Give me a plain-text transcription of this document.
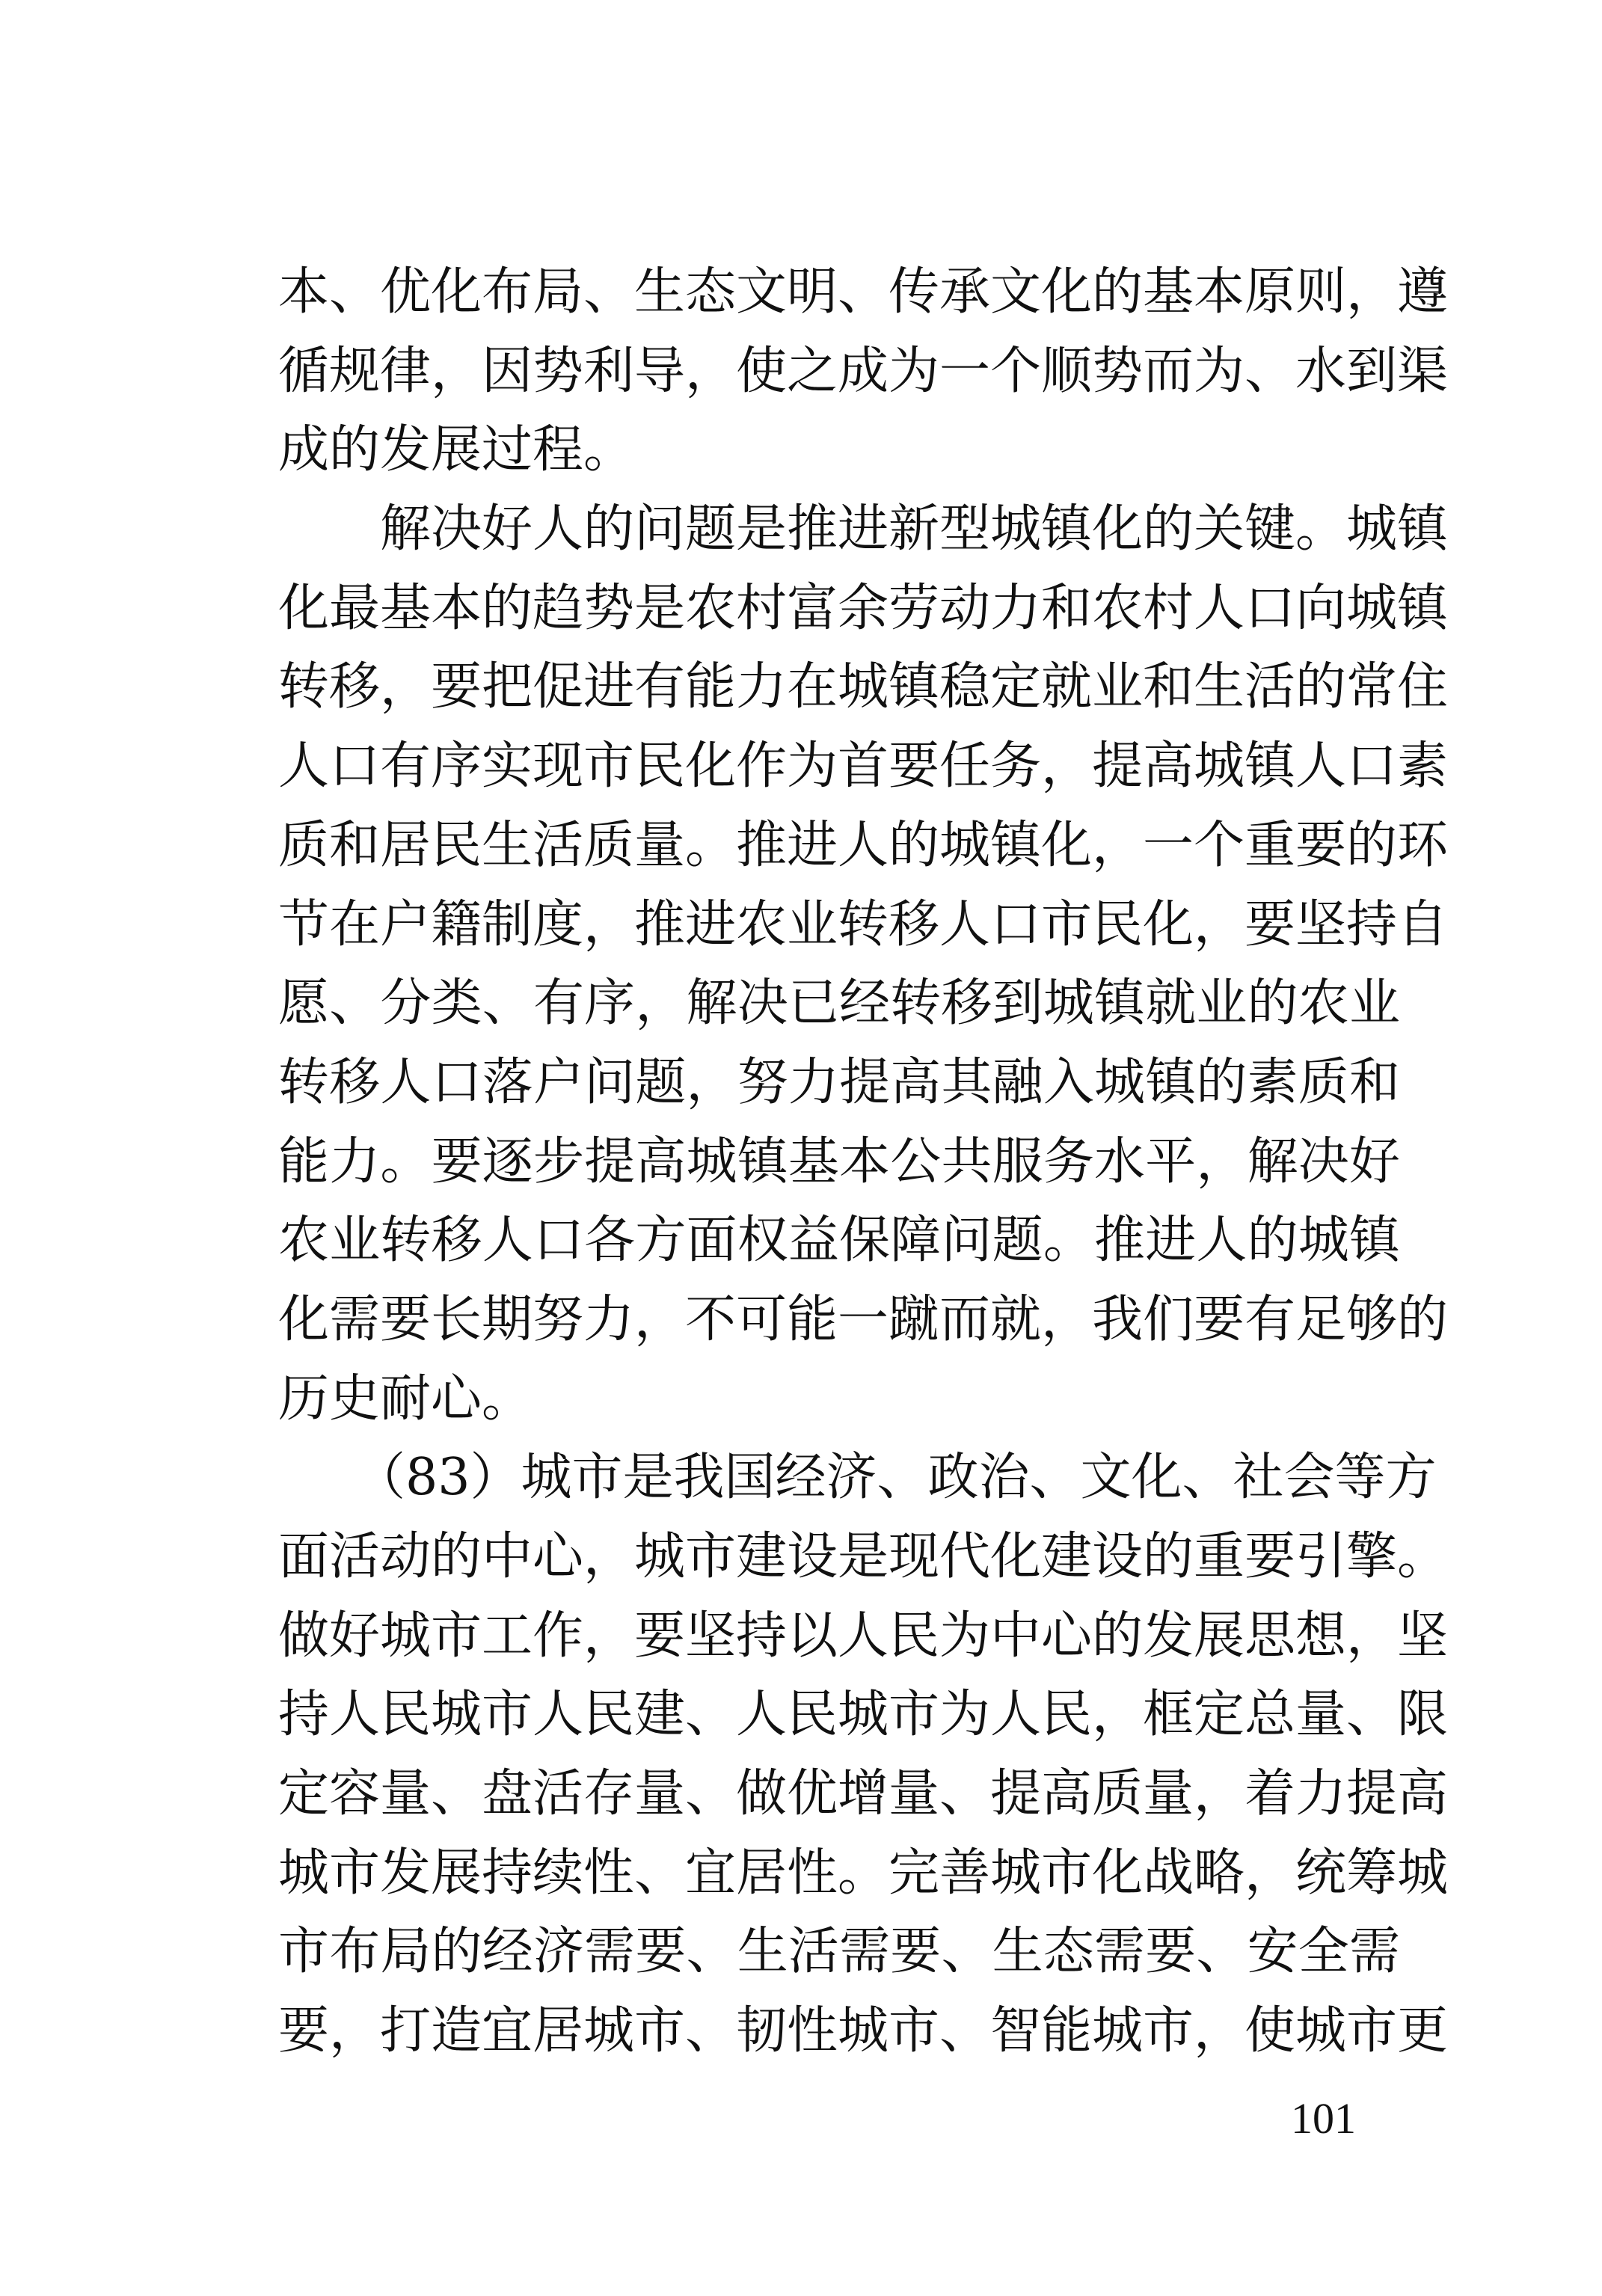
本、优化布局、生态文明、传承文化的基本原则，遵
循规律，因势利导，使之成为一个顺势而为、水到渠
成的发展过程。
　　解决好人的问题是推进新型城镇化的关键。城镇
化最基本的趋势是农村富余劳动力和农村人口向城镇
转移，要把促进有能力在城镇稳定就业和生活的常住
人口有序实现市民化作为首要任务，提高城镇人口素
质和居民生活质量。推进人的城镇化，一个重要的环
节在户籍制度，推进农业转移人口市民化，要坚持自
愿、分类、有序，解决已经转移到城镇就业的农业
转移人口落户问题，努力提高其融入城镇的素质和
能力。要逐步提高城镇基本公共服务水平，解决好
农业转移人口各方面权益保障问题。推进人的城镇
化需要长期努力，不可能一蹴而就，我们要有足够的
历史耐心。
　　（83）城市是我国经济、政治、文化、社会等方
面活动的中心，城市建设是现代化建设的重要引擎。
做好城市工作，要坚持以人民为中心的发展思想，坚
持人民城市人民建、人民城市为人民，框定总量、限
定容量、盘活存量、做优增量、提高质量，着力提高
城市发展持续性、宜居性。完善城市化战略，统筹城
市布局的经济需要、生活需要、生态需要、安全需
要，打造宜居城市、韧性城市、智能城市，使城市更
101
